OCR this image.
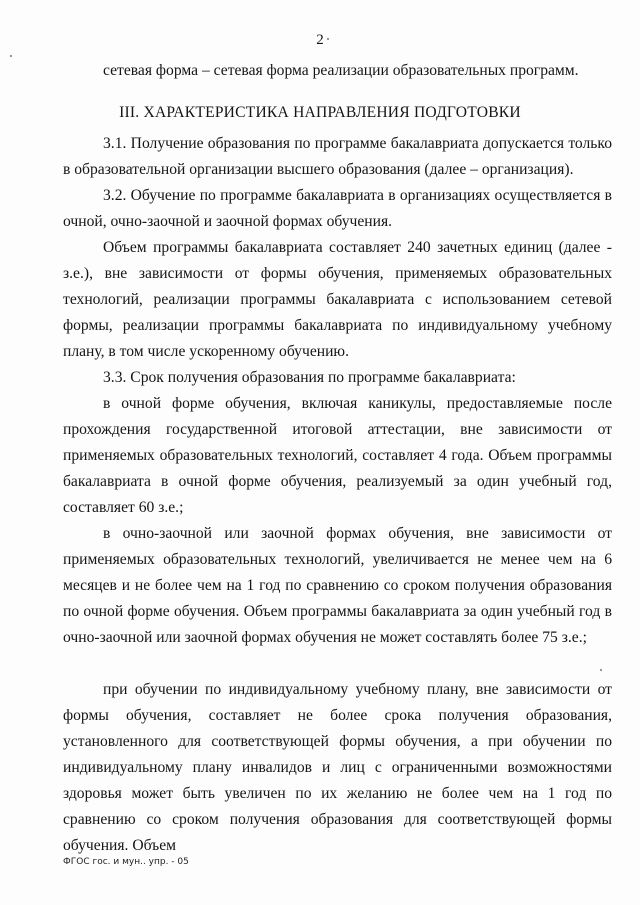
2

сетевая форма – сетевая форма реализации образовательных программ.

III. ХАРАКТЕРИСТИКА НАПРАВЛЕНИЯ ПОДГОТОВКИ

3.1. Получение образования по программе бакалавриата допускается только в образовательной организации высшего образования (далее – организация).

3.2. Обучение по программе бакалавриата в организациях осуществляется в очной, очно-заочной и заочной формах обучения.

Объем программы бакалавриата составляет 240 зачетных единиц (далее - з.е.), вне зависимости от формы обучения, применяемых образовательных технологий, реализации программы бакалавриата с использованием сетевой формы, реализации программы бакалавриата по индивидуальному учебному плану, в том числе ускоренному обучению.

3.3. Срок получения образования по программе бакалавриата:

в очной форме обучения, включая каникулы, предоставляемые после прохождения государственной итоговой аттестации, вне зависимости от применяемых образовательных технологий, составляет 4 года. Объем программы бакалавриата в очной форме обучения, реализуемый за один учебный год, составляет 60 з.е.;

в очно-заочной или заочной формах обучения, вне зависимости от применяемых образовательных технологий, увеличивается не менее чем на 6 месяцев и не более чем на 1 год по сравнению со сроком получения образования по очной форме обучения. Объем программы бакалавриата за один учебный год в очно-заочной или заочной формах обучения не может составлять более 75 з.е.;

при обучении по индивидуальному учебному плану, вне зависимости от формы обучения, составляет не более срока получения образования, установленного для соответствующей формы обучения, а при обучении по индивидуальному плану инвалидов и лиц с ограниченными возможностями здоровья может быть увеличен по их желанию не более чем на 1 год по сравнению со сроком получения образования для соответствующей формы обучения. Объем

ФГОС гос. и мун.. упр. - 05
